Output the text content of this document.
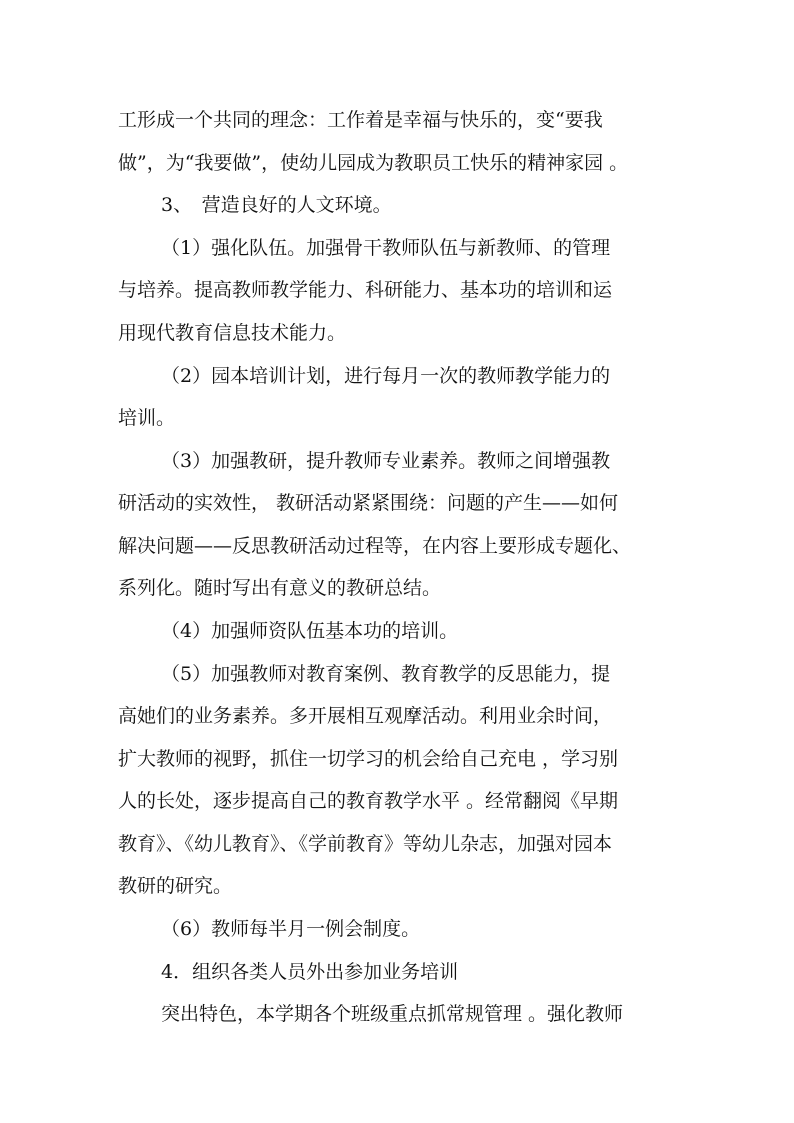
工形成一个共同的理念：工作着是幸福与快乐的，变“要我
做”，为“我要做”，使幼儿园成为教职员工快乐的精神家园 。
3、　营造良好的人文环境。
（1）强化队伍。加强骨干教师队伍与新教师、的管理
与培养。提高教师教学能力、科研能力、基本功的培训和运
用现代教育信息技术能力。
（2）园本培训计划，进行每月一次的教师教学能力的
培训。
（3）加强教研，提升教师专业素养。教师之间增强教
研活动的实效性， 教研活动紧紧围绕：问题的产生——如何
解决问题——反思教研活动过程等，在内容上要形成专题化、
系列化。随时写出有意义的教研总结。
（4）加强师资队伍基本功的培训。
（5）加强教师对教育案例、教育教学的反思能力，提
高她们的业务素养。多开展相互观摩活动。利用业余时间，
扩大教师的视野，抓住一切学习的机会给自己充电 ，学习别
人的长处，逐步提高自己的教育教学水平 。经常翻阅《早期
教育》、《幼儿教育》、《学前教育》等幼儿杂志，加强对园本
教研的研究。
（6）教师每半月一例会制度。
4．组织各类人员外出参加业务培训
突出特色，本学期各个班级重点抓常规管理 。强化教师
